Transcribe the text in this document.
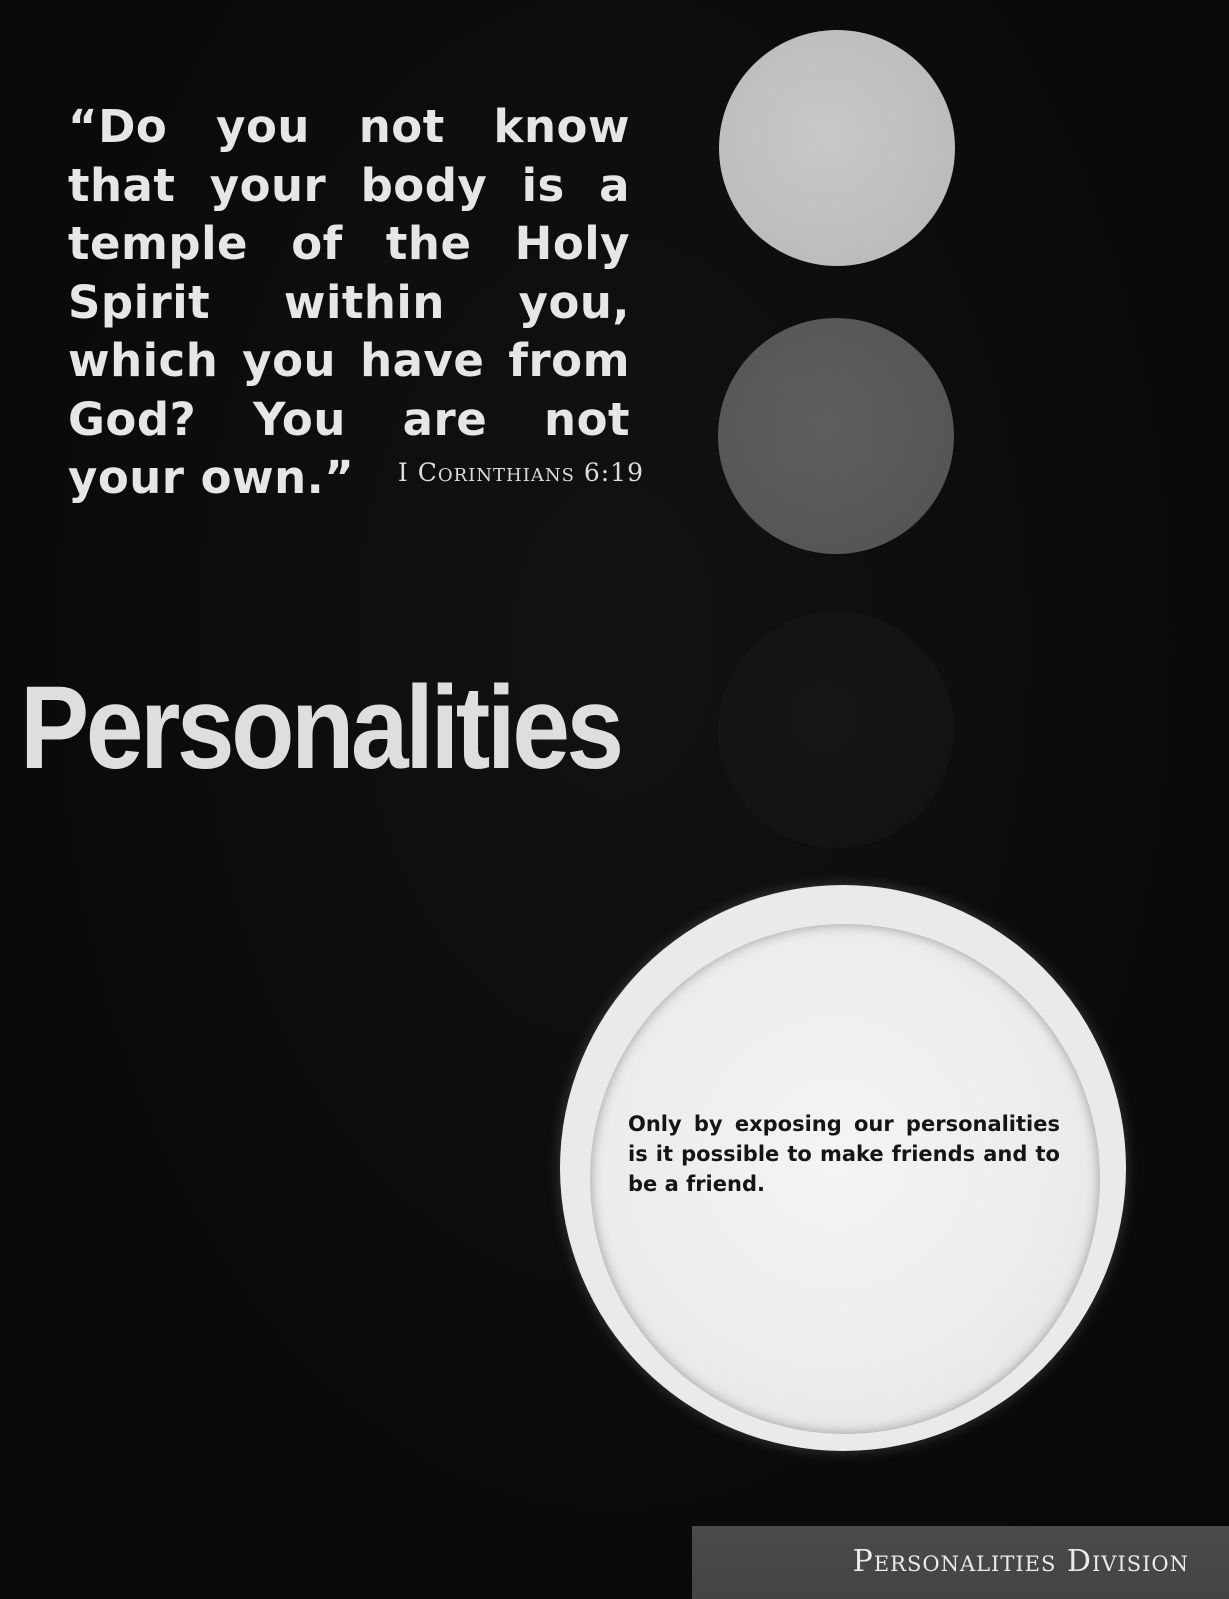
“Do you not know that your body is a temple of the Holy Spirit within you, which you have from God? You are not your own.”	I Corinthians 6:19

Personalities

Only by exposing our personalities is it possible to make friends and to be a friend.

Personalities Division
